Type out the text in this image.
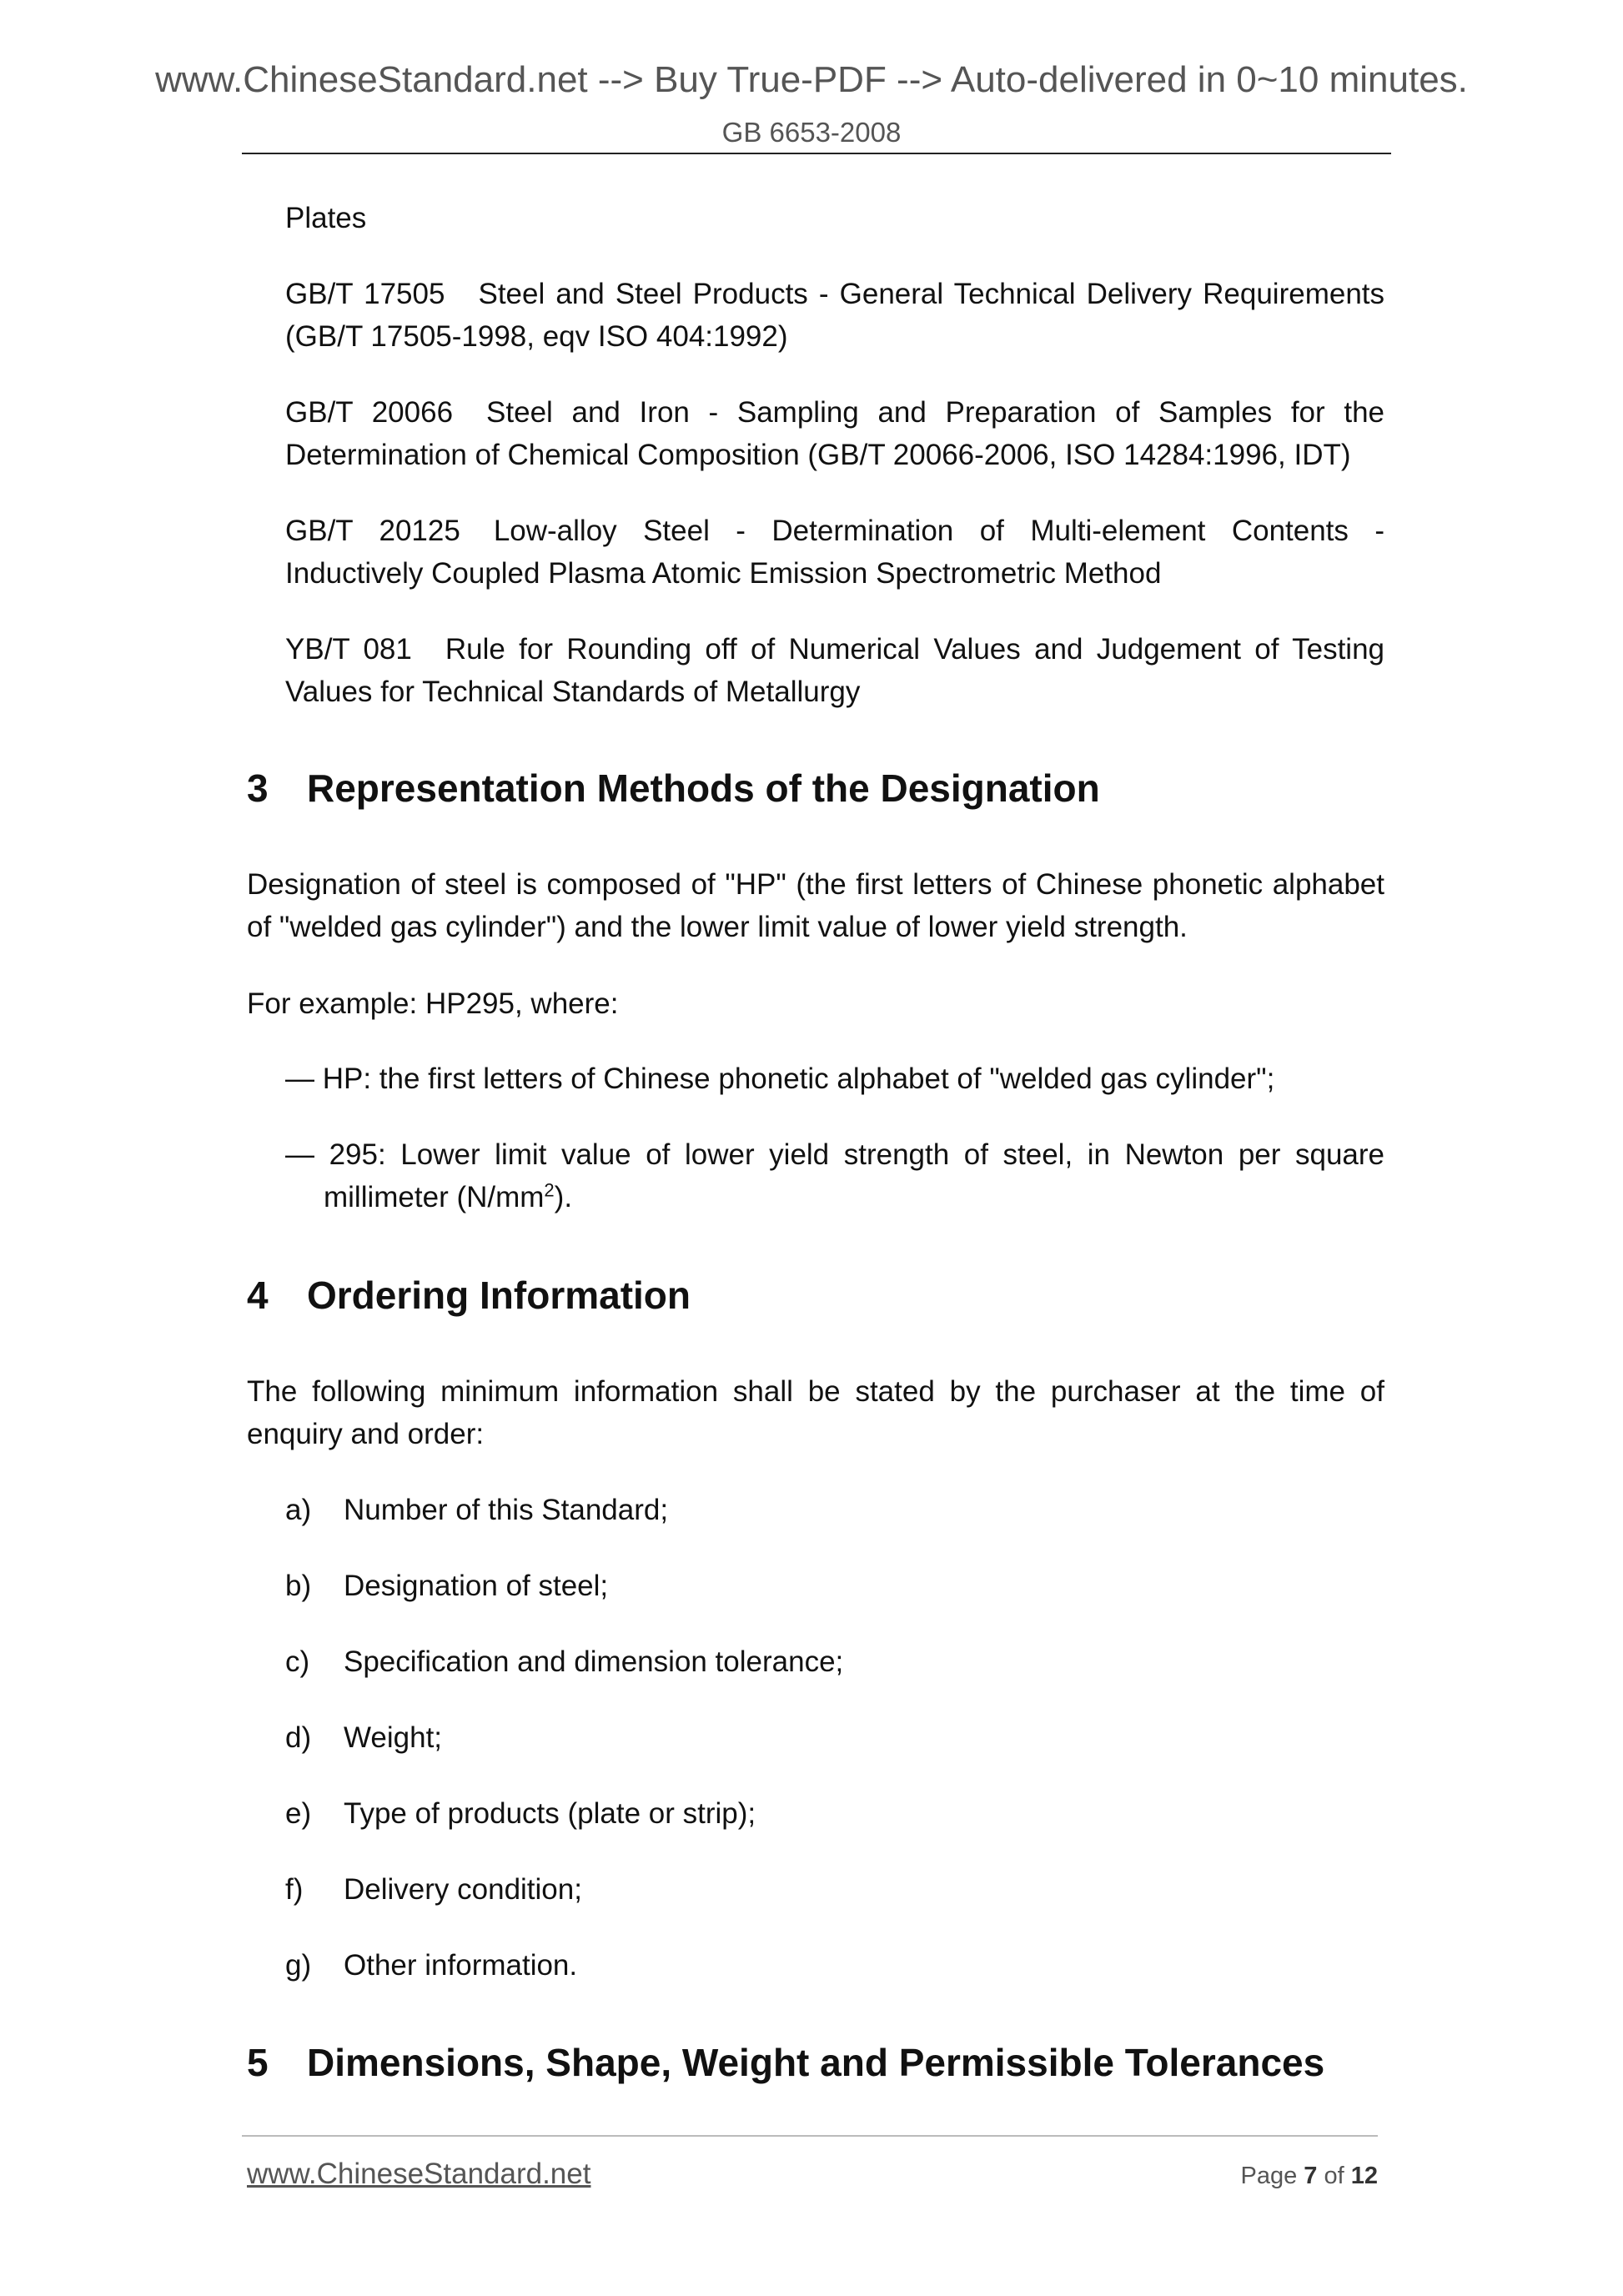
www.ChineseStandard.net --> Buy True-PDF --> Auto-delivered in 0~10 minutes.
GB 6653-2008

Plates

GB/T 17505 Steel and Steel Products - General Technical Delivery Requirements (GB/T 17505-1998, eqv ISO 404:1992)

GB/T 20066 Steel and Iron - Sampling and Preparation of Samples for the Determination of Chemical Composition (GB/T 20066-2006, ISO 14284:1996, IDT)

GB/T 20125 Low-alloy Steel - Determination of Multi-element Contents - Inductively Coupled Plasma Atomic Emission Spectrometric Method

YB/T 081 Rule for Rounding off of Numerical Values and Judgement of Testing Values for Technical Standards of Metallurgy

3 Representation Methods of the Designation

Designation of steel is composed of "HP" (the first letters of Chinese phonetic alphabet of "welded gas cylinder") and the lower limit value of lower yield strength.

For example: HP295, where:

— HP: the first letters of Chinese phonetic alphabet of "welded gas cylinder";

— 295: Lower limit value of lower yield strength of steel, in Newton per square millimeter $(N/mm^2)$.

4 Ordering Information

The following minimum information shall be stated by the purchaser at the time of enquiry and order:

a) Number of this Standard;

b) Designation of steel;

c) Specification and dimension tolerance;

d) Weight;

e) Type of products (plate or strip);

f) Delivery condition;

g) Other information.

5 Dimensions, Shape, Weight and Permissible Tolerances
www.ChineseStandard.net	Page 7 of 12
